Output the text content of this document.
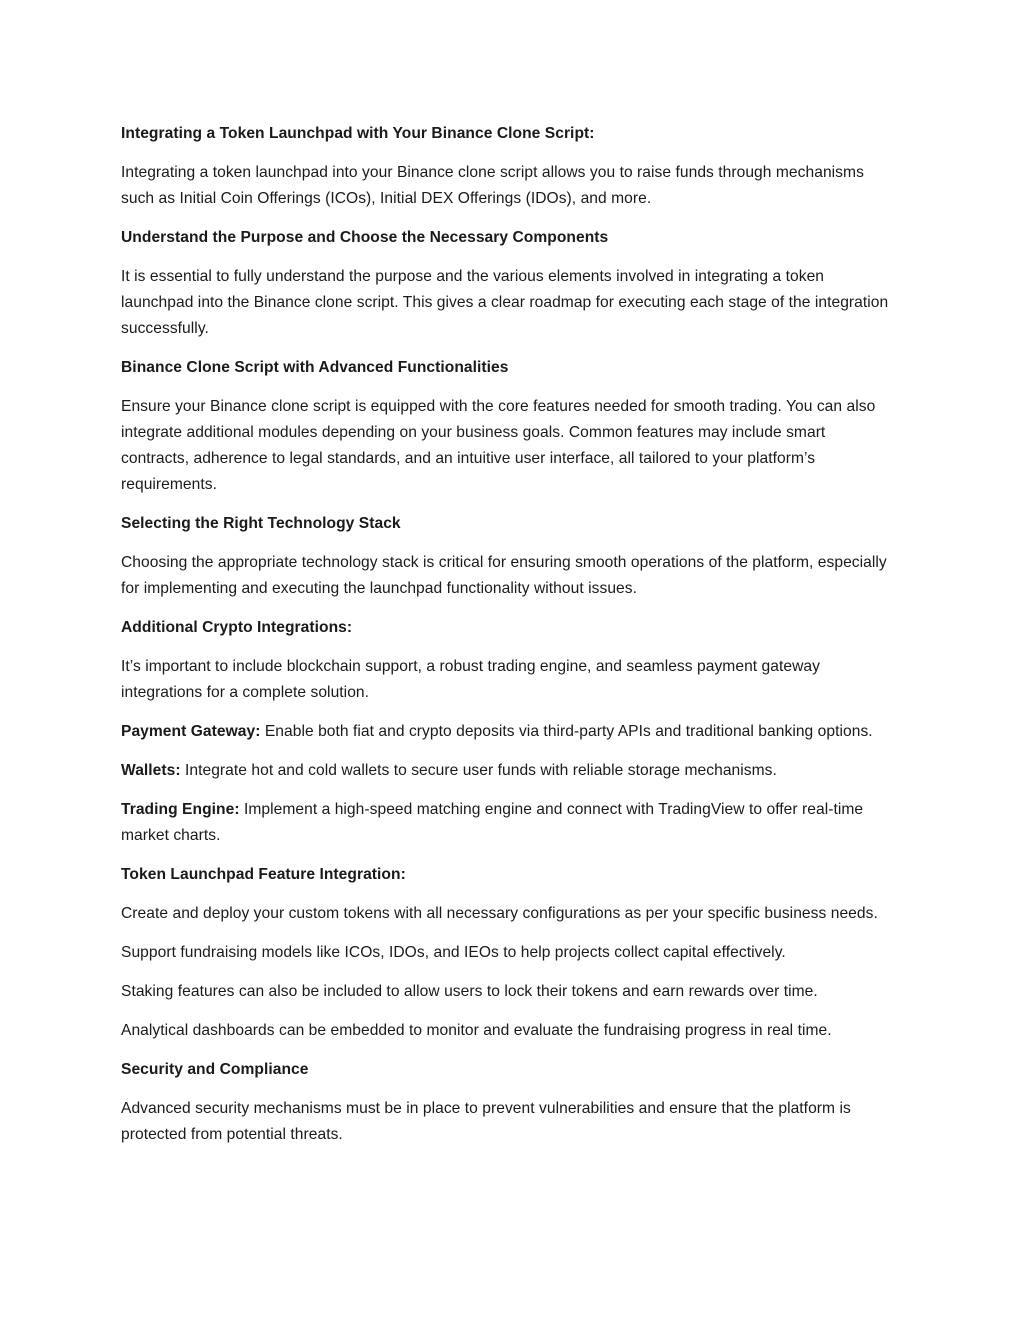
Integrating a Token Launchpad with Your Binance Clone Script:

Integrating a token launchpad into your Binance clone script allows you to raise funds through mechanisms such as Initial Coin Offerings (ICOs), Initial DEX Offerings (IDOs), and more.

Understand the Purpose and Choose the Necessary Components

It is essential to fully understand the purpose and the various elements involved in integrating a token launchpad into the Binance clone script. This gives a clear roadmap for executing each stage of the integration successfully.

Binance Clone Script with Advanced Functionalities

Ensure your Binance clone script is equipped with the core features needed for smooth trading. You can also integrate additional modules depending on your business goals. Common features may include smart contracts, adherence to legal standards, and an intuitive user interface, all tailored to your platform’s requirements.

Selecting the Right Technology Stack

Choosing the appropriate technology stack is critical for ensuring smooth operations of the platform, especially for implementing and executing the launchpad functionality without issues.

Additional Crypto Integrations:

It’s important to include blockchain support, a robust trading engine, and seamless payment gateway integrations for a complete solution.

Payment Gateway: Enable both fiat and crypto deposits via third-party APIs and traditional banking options.

Wallets: Integrate hot and cold wallets to secure user funds with reliable storage mechanisms.

Trading Engine: Implement a high-speed matching engine and connect with TradingView to offer real-time market charts.

Token Launchpad Feature Integration:

Create and deploy your custom tokens with all necessary configurations as per your specific business needs.

Support fundraising models like ICOs, IDOs, and IEOs to help projects collect capital effectively.

Staking features can also be included to allow users to lock their tokens and earn rewards over time.

Analytical dashboards can be embedded to monitor and evaluate the fundraising progress in real time.

Security and Compliance

Advanced security mechanisms must be in place to prevent vulnerabilities and ensure that the platform is protected from potential threats.
